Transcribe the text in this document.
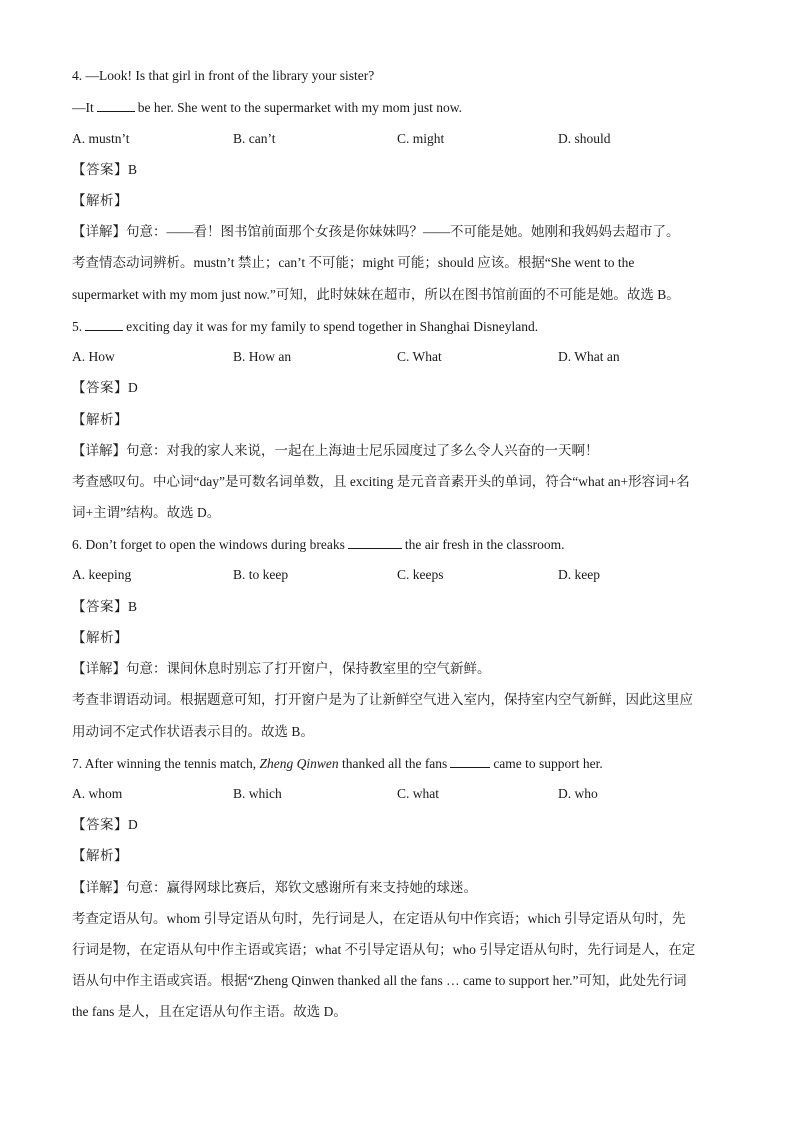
4. —Look! Is that girl in front of the library your sister?
—It	be her. She went to the supermarket with my mom just now.
A. mustn’t	B. can’t	C. might	D. should
【答案】B
【解析】
【详解】句意：——看！图书馆前面那个女孩是你妹妹吗？——不可能是她。她刚和我妈妈去超市了。
考查情态动词辨析。mustn’t 禁止；can’t 不可能；might 可能；should 应该。根据“She went to the
supermarket with my mom just now.”可知，此时妹妹在超市，所以在图书馆前面的不可能是她。故选 B。
5.	exciting day it was for my family to spend together in Shanghai Disneyland.
A. How	B. How an	C. What	D. What an
【答案】D
【解析】
【详解】句意：对我的家人来说，一起在上海迪士尼乐园度过了多么令人兴奋的一天啊！
考查感叹句。中心词“day”是可数名词单数，且 exciting 是元音音素开头的单词，符合“what an+形容词+名
词+主谓”结构。故选 D。
6. Don’t forget to open the windows during breaks	the air fresh in the classroom.
A. keeping	B. to keep	C. keeps	D. keep
【答案】B
【解析】
【详解】句意：课间休息时别忘了打开窗户，保持教室里的空气新鲜。
考查非谓语动词。根据题意可知，打开窗户是为了让新鲜空气进入室内，保持室内空气新鲜，因此这里应
用动词不定式作状语表示目的。故选 B。
7. After winning the tennis match, Zheng Qinwen thanked all the fans	came to support her.
A. whom	B. which	C. what	D. who
【答案】D
【解析】
【详解】句意：赢得网球比赛后，郑钦文感谢所有来支持她的球迷。
考查定语从句。whom 引导定语从句时，先行词是人，在定语从句中作宾语；which 引导定语从句时，先
行词是物，在定语从句中作主语或宾语；what 不引导定语从句；who 引导定语从句时，先行词是人，在定
语从句中作主语或宾语。根据“Zheng Qinwen thanked all the fans … came to support her.”可知，此处先行词
the fans 是人，且在定语从句作主语。故选 D。
